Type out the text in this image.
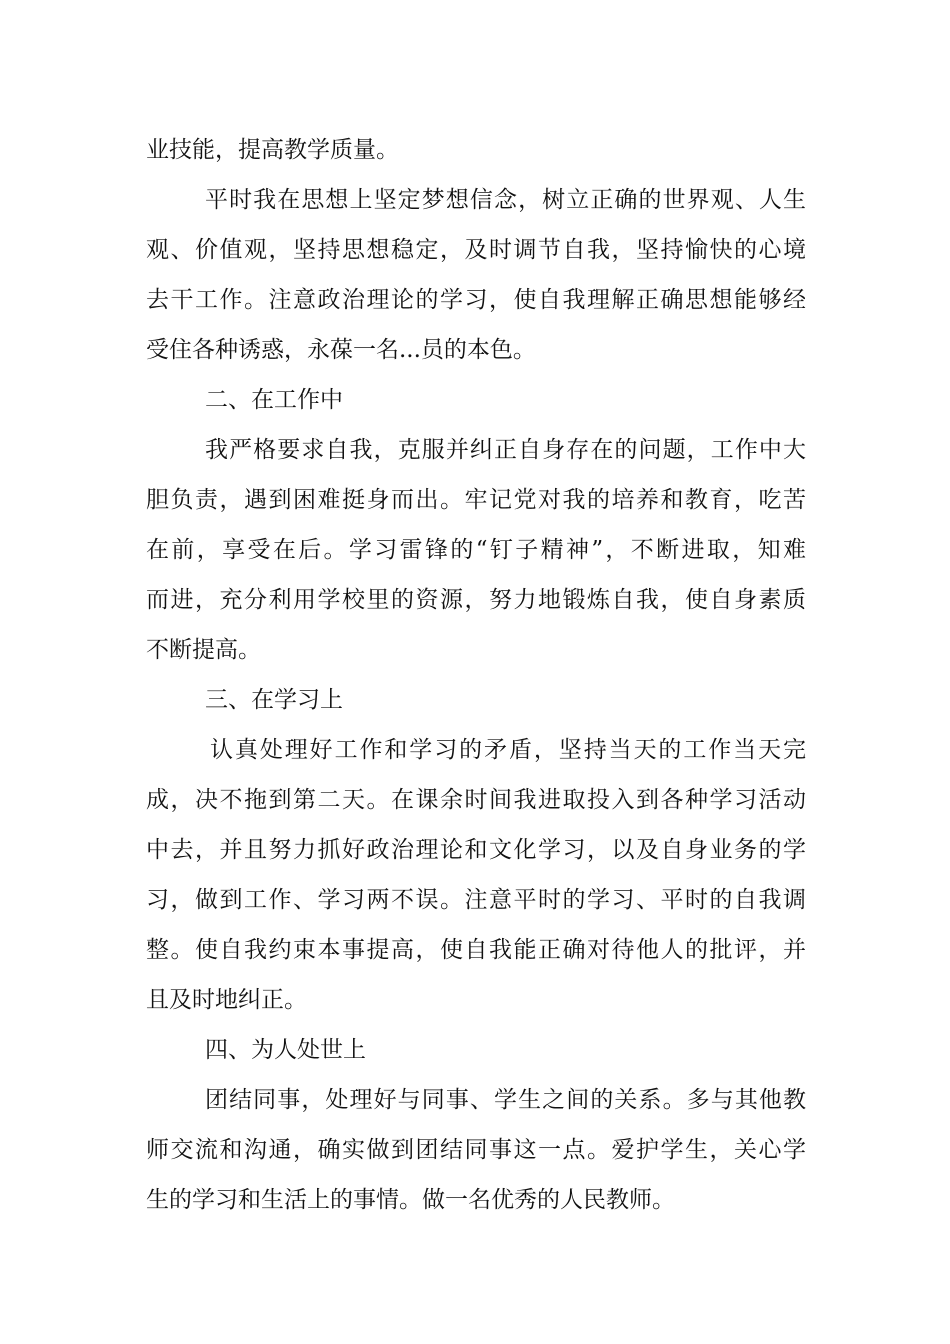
业技能，提高教学质量。
平时我在思想上坚定梦想信念，树立正确的世界观、人生
观、价值观，坚持思想稳定，及时调节自我，坚持愉快的心境
去干工作。注意政治理论的学习，使自我理解正确思想能够经
受住各种诱惑，永葆一名...员的本色。
二、在工作中
我严格要求自我，克服并纠正自身存在的问题，工作中大
胆负责，遇到困难挺身而出。牢记党对我的培养和教育，吃苦
在前，享受在后。学习雷锋的“钉子精神”，不断进取，知难
而进，充分利用学校里的资源，努力地锻炼自我，使自身素质
不断提高。
三、在学习上
认真处理好工作和学习的矛盾，坚持当天的工作当天完
成，决不拖到第二天。在课余时间我进取投入到各种学习活动
中去，并且努力抓好政治理论和文化学习，以及自身业务的学
习，做到工作、学习两不误。注意平时的学习、平时的自我调
整。使自我约束本事提高，使自我能正确对待他人的批评，并
且及时地纠正。
四、为人处世上
团结同事，处理好与同事、学生之间的关系。多与其他教
师交流和沟通，确实做到团结同事这一点。爱护学生，关心学
生的学习和生活上的事情。做一名优秀的人民教师。
